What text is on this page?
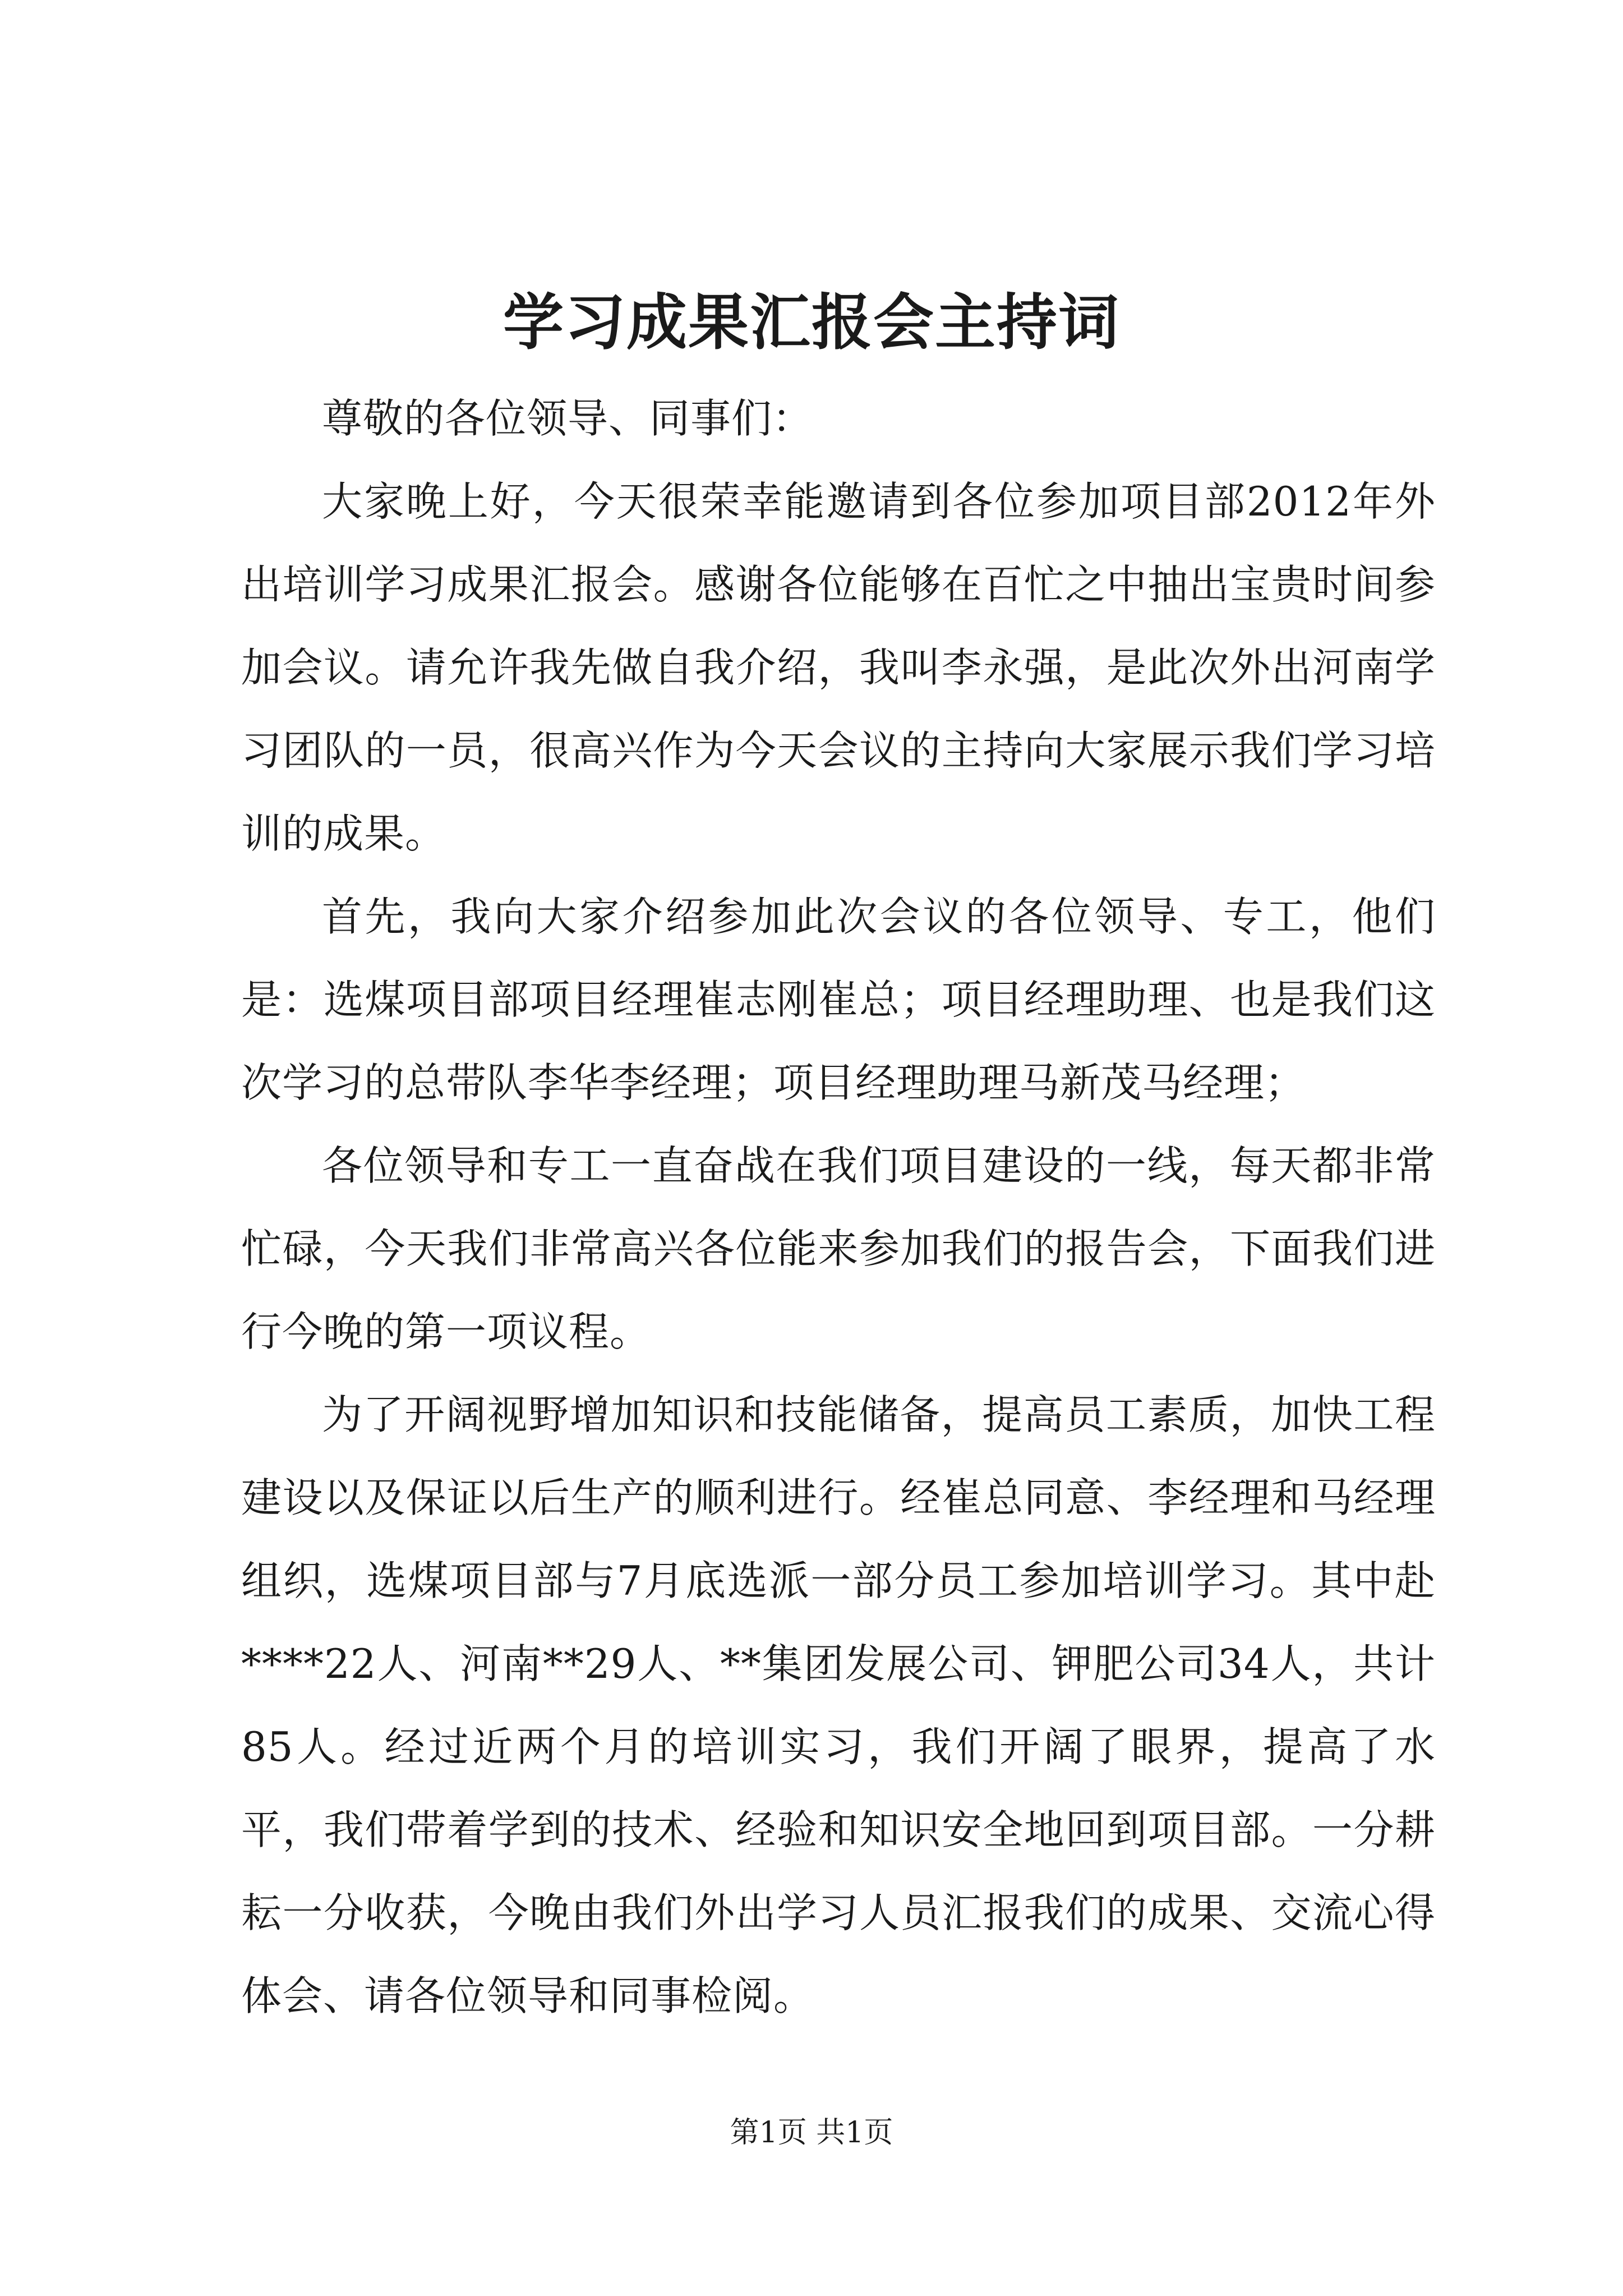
学习成果汇报会主持词

尊敬的各位领导、同事们：

大家晚上好，今天很荣幸能邀请到各位参加项目部2012年外出培训学习成果汇报会。感谢各位能够在百忙之中抽出宝贵时间参加会议。请允许我先做自我介绍，我叫李永强，是此次外出河南学习团队的一员，很高兴作为今天会议的主持向大家展示我们学习培训的成果。

首先，我向大家介绍参加此次会议的各位领导、专工，他们是：选煤项目部项目经理崔志刚崔总；项目经理助理、也是我们这次学习的总带队李华李经理；项目经理助理马新茂马经理；

各位领导和专工一直奋战在我们项目建设的一线，每天都非常忙碌，今天我们非常高兴各位能来参加我们的报告会，下面我们进行今晚的第一项议程。

为了开阔视野增加知识和技能储备，提高员工素质，加快工程建设以及保证以后生产的顺利进行。经崔总同意、李经理和马经理组织，选煤项目部与7月底选派一部分员工参加培训学习。其中赴****22人、河南**29人、**集团发展公司、钾肥公司34人，共计85人。经过近两个月的培训实习，我们开阔了眼界，提高了水平，我们带着学到的技术、经验和知识安全地回到项目部。一分耕耘一分收获，今晚由我们外出学习人员汇报我们的成果、交流心得体会、请各位领导和同事检阅。

第1页 共1页
